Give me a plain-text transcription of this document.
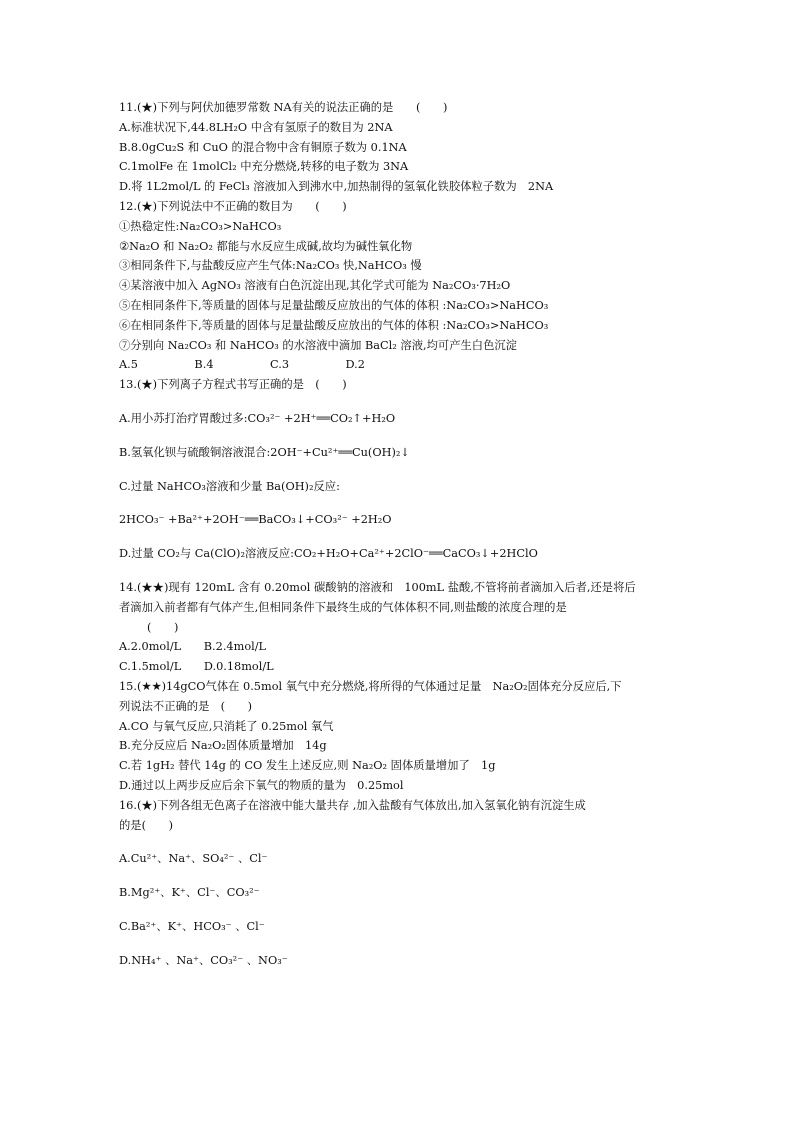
11.(★)下列与阿伏加德罗常数 NA有关的说法正确的是　　(　　)
A.标准状况下,44.8LH₂O 中含有氢原子的数目为 2NA
B.8.0gCu₂S 和 CuO 的混合物中含有铜原子数为 0.1NA
C.1molFe 在 1molCl₂ 中充分燃烧,转移的电子数为 3NA
D.将 1L2mol/L 的 FeCl₃ 溶液加入到沸水中,加热制得的氢氧化铁胶体粒子数为　2NA
12.(★)下列说法中不正确的数目为　　(　　)
①热稳定性:Na₂CO₃>NaHCO₃
②Na₂O 和 Na₂O₂ 都能与水反应生成碱,故均为碱性氧化物
③相同条件下,与盐酸反应产生气体:Na₂CO₃ 快,NaHCO₃ 慢
④某溶液中加入 AgNO₃ 溶液有白色沉淀出现,其化学式可能为 Na₂CO₃·7H₂O
⑤在相同条件下,等质量的固体与足量盐酸反应放出的气体的体积 :Na₂CO₃>NaHCO₃
⑥在相同条件下,等质量的固体与足量盐酸反应放出的气体的体积 :Na₂CO₃>NaHCO₃
⑦分别向 Na₂CO₃ 和 NaHCO₃ 的水溶液中滴加 BaCl₂ 溶液,均可产生白色沉淀
A.5　　　　　B.4　　　　　C.3　　　　　D.2
13.(★)下列离子方程式书写正确的是　(　　)
A.用小苏打治疗胃酸过多:CO₃²⁻ +2H⁺══CO₂↑+H₂O
B.氢氧化钡与硫酸铜溶液混合:2OH⁻+Cu²⁺══Cu(OH)₂↓
C.过量 NaHCO₃溶液和少量 Ba(OH)₂反应:
2HCO₃⁻ +Ba²⁺+2OH⁻══BaCO₃↓+CO₃²⁻ +2H₂O
D.过量 CO₂与 Ca(ClO)₂溶液反应:CO₂+H₂O+Ca²⁺+2ClO⁻══CaCO₃↓+2HClO
14.(★★)现有 120mL 含有 0.20mol 碳酸钠的溶液和　100mL 盐酸,不管将前者滴加入后者,还是将后
者滴加入前者都有气体产生,但相同条件下最终生成的气体体积不同,则盐酸的浓度合理的是
(　　)
A.2.0mol/L　　B.2.4mol/L
C.1.5mol/L　　D.0.18mol/L
15.(★★)14gCO气体在 0.5mol 氧气中充分燃烧,将所得的气体通过足量　Na₂O₂固体充分反应后,下
列说法不正确的是　(　　)
A.CO 与氧气反应,只消耗了 0.25mol 氧气
B.充分反应后 Na₂O₂固体质量增加　14g
C.若 1gH₂ 替代 14g 的 CO 发生上述反应,则 Na₂O₂ 固体质量增加了　1g
D.通过以上两步反应后余下氧气的物质的量为　0.25mol
16.(★)下列各组无色离子在溶液中能大量共存 ,加入盐酸有气体放出,加入氢氧化钠有沉淀生成
的是(　　)
A.Cu²⁺、Na⁺、SO₄²⁻ 、Cl⁻
B.Mg²⁺、K⁺、Cl⁻、CO₃²⁻
C.Ba²⁺、K⁺、HCO₃⁻ 、Cl⁻
D.NH₄⁺ 、Na⁺、CO₃²⁻ 、NO₃⁻
